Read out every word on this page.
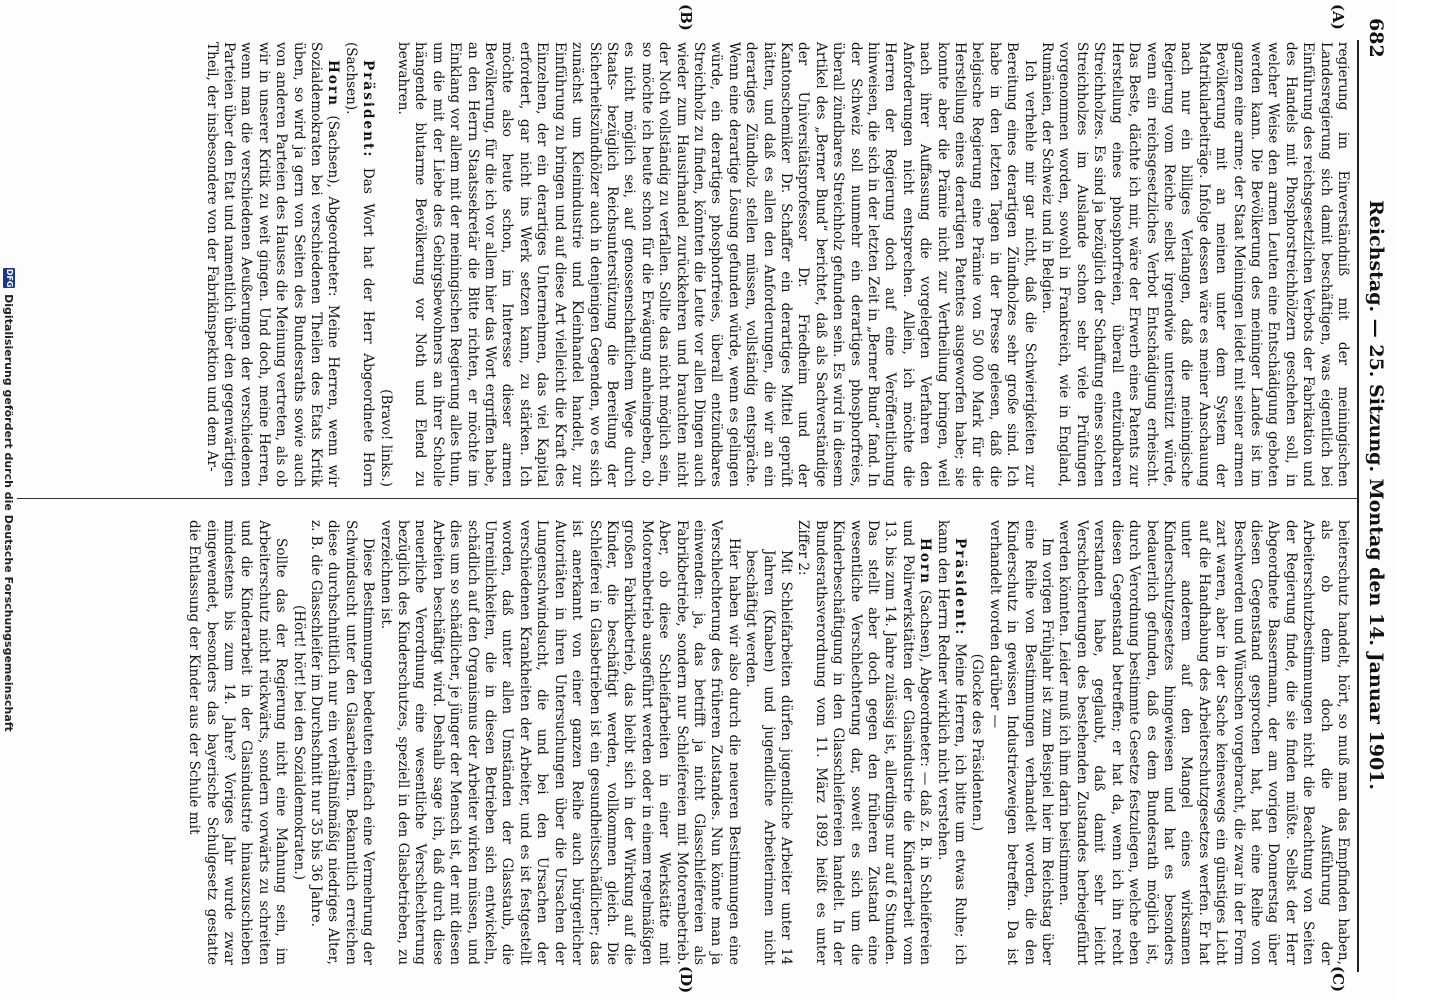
682
Reichstag. — 25. Sitzung. Montag den 14. Januar 1901.
(A)
(B)
(C)
(D)

regierung im Einverständniß mit der meiningischen Landesregierung sich damit beschäftigen, was eigentlich bei Einführung des reichsgesetzlichen Verbots der Fabrikation und des Handels mit Phosphorstreichhölzern geschehen soll, in welcher Weise den armen Leuten eine Entschädigung geboten werden kann. Die Bevölkerung des meininger Landes ist im ganzen eine arme; der Staat Meiningen leidet mit seiner armen Bevölkerung mit an meinen unter dem System der Matrikularbeiträge. Infolge dessen wäre es meiner Anschauung nach nur ein billiges Verlangen, daß die meiningische Regierung vom Reiche selbst irgendwie unterstützt würde, wenn ein reichsgesetzliches Verbot Entschädigung erheischt. Das Beste, dächte ich mir, wäre der Erwerb eines Patents zur Herstellung eines phosphorfreien, überall entzündbaren Streichholzes. Es sind ja bezüglich der Schaffung eines solchen Streichholzes im Auslande schon sehr viele Prüfungen vorgenommen worden, sowohl in Frankreich, wie in England, Rumänien, der Schweiz und in Belgien.

Ich verhehle mir gar nicht, daß die Schwierigkeiten zur Bereitung eines derartigen Zündholzes sehr große sind. Ich habe in den letzten Tagen in der Presse gelesen, daß die belgische Regierung eine Prämie von 50 000 Mark für die Herstellung eines derartigen Patentes ausgeworfen habe; sie konnte aber die Prämie nicht zur Vertheilung bringen, weil nach ihrer Auffassung die vorgelegten Verfahren den Anforderungen nicht entsprechen. Allein, ich möchte die Herren der Regierung doch auf eine Veröffentlichung hinweisen, die sich in der letzten Zeit in „Berner Bund“ fand. In der Schweiz soll nunmehr ein derartiges phosphorfreies, überall zündbares Streichholz gefunden sein. Es wird in diesem Artikel des „Berner Bund“ berichtet, daß als Sachverständige der Universitätsprofessor Dr. Friedheim und der Kantonschemiker Dr. Schaffer ein derartiges Mittel geprüft hätten, und daß es allen den Anforderungen, die wir an ein derartiges Zündholz stellen müssen, vollständig entspräche. Wenn eine derartige Lösung gefunden würde, wenn es gelingen würde, ein derartiges phosphorfreies, überall entzündbares Streichholz zu finden, könnten die Leute vor allen Dingen auch wieder zum Hausirhandel zurückkehren und brauchten nicht der Noth vollständig zu verfallen. Sollte das nicht möglich sein, so möchte ich heute schon für die Erwägung anheimgeben, ob es nicht möglich sei, auf genossenschaftlichem Wege durch Staats- bezüglich Reichsunterstützung die Bereitung der Sicherheitszündhölzer auch in denjenigen Gegenden, wo es sich zunächst um Kleinindustrie und Kleinhandel handelt, zur Einführung zu bringen und auf diese Art vielleicht die Kraft des Einzelnen, der ein derartiges Unternehmen, das viel Kapital erfordert, gar nicht ins Werk setzen kann, zu stärken. Ich möchte also heute schon, im Interesse dieser armen Bevölkerung, für die ich vor allem hier das Wort ergriffen habe, an den Herrn Staatssekretär die Bitte richten, er möchte im Einklang vor allem mit der meiningischen Regierung alles thun, um die mit der Liebe des Gebirgsbewohners an ihrer Scholle hängende blutarme Bevölkerung vor Noth und Elend zu bewahren.

(Bravo! links.)

Präsident: Das Wort hat der Herr Abgeordnete Horn (Sachsen).

Horn (Sachsen), Abgeordneter: Meine Herren, wenn wir Sozialdemokraten bei verschiedenen Theilen des Etats Kritik üben, so wird ja gern von Seiten des Bundesraths sowie auch von anderen Parteien des Hauses die Meinung vertreten, als ob wir in unserer Kritik zu weit gingen. Und doch, meine Herren, wenn man die verschiedenen Aeußerungen der verschiedenen Parteien über den Etat und namentlich über den gegenwärtigen Theil, der insbesondere von der Fabrikinspektion und dem Ar-

beiterschutz handelt, hört, so muß man das Empfinden haben, als ob denn doch die Ausführung der Arbeiterschutzbestimmungen nicht die Beachtung von Seiten der Regierung finde, die sie finden müßte. Selbst der Herr Abgeordnete Bassermann, der am vorigen Donnerstag über diesen Gegenstand gesprochen hat, hat eine Reihe von Beschwerden und Wünschen vorgebracht, die zwar in der Form zart waren, aber in der Sache keineswegs ein günstiges Licht auf die Handhabung des Arbeiterschutzgesetzes werfen. Er hat unter anderem auf den Mangel eines wirksamen Kinderschutzgesetzes hingewiesen und hat es besonders bedauerlich gefunden, daß es dem Bundesrath möglich ist, durch Verordnung bestimmte Gesetze festzulegen, welche eben diesen Gegenstand betreffen; er hat da, wenn ich ihn recht verstanden habe, geglaubt, daß damit sehr leicht Verschlechterungen des bestehenden Zustandes herbeigeführt werden könnten. Leider muß ich ihm darin beistimmen.

Im vorigen Frühjahr ist zum Beispiel hier im Reichstag über eine Reihe von Bestimmungen verhandelt worden, die den Kinderschutz in gewissen Industriezweigen betreffen. Da ist verhandelt worden darüber —

(Glocke des Präsidenten.)

Präsident: Meine Herren, ich bitte um etwas Ruhe; ich kann den Herrn Redner wirklich nicht verstehen.

Horn (Sachsen), Abgeordneter: — daß z. B. in Schleifereien und Polirwerkstätten der Glasindustrie die Kinderarbeit vom 13. bis zum 14. Jahre zulässig ist, allerdings nur auf 6 Stunden. Das stellt aber doch gegen den früheren Zustand eine wesentliche Verschlechterung dar, soweit es sich um die Kinderbeschäftigung in den Glasschleifereien handelt. In der Bundesrathsverordnung vom 11. März 1892 heißt es unter Ziffer 2:

Mit Schleifarbeiten dürfen jugendliche Arbeiter unter 14 Jahren (Knaben) und jugendliche Arbeiterinnen nicht beschäftigt werden.

Hier haben wir also durch die neueren Bestimmungen eine Verschlechterung des früheren Zustandes. Nun könnte man ja einwenden: ja, das betrifft ja nicht Glasschleifereien als Fabrikbetriebe, sondern nur Schleifereien mit Motorenbetrieb. Aber, ob diese Schleifarbeiten in einer Werkstätte mit Motorenbetrieb ausgeführt werden oder in einem regelmäßigen großen Fabrikbetrieb, das bleibt sich in der Wirkung auf die Kinder, die beschäftigt werden, vollkommen gleich. Die Schleiferei in Glasbetrieben ist ein gesundheitsschädlicher; das ist anerkannt von einer ganzen Reihe auch bürgerlicher Autoritäten in ihren Untersuchungen über die Ursachen der Lungenschwindsucht, die und bei den Ursachen der verschiedenen Krankheiten der Arbeiter, und es ist festgestellt worden, daß unter allen Umständen der Glasstaub, die Unreinlichkeiten, die in diesen Betrieben sich entwickeln, schädlich auf den Organismus der Arbeiter wirken müssen, und dies um so schädlicher, je jünger der Mensch ist, der mit diesen Arbeiten beschäftigt wird. Deshalb sage ich, daß durch diese neuerliche Verordnung eine wesentliche Verschlechterung bezüglich des Kinderschutzes, speziell in den Glasbetrieben, zu verzeichnen ist.

Diese Bestimmungen bedeuten einfach eine Vermehrung der Schwindsucht unter den Glasarbeitern. Bekanntlich erreichen diese durchschnittlich nur ein verhältnißmäßig niedriges Alter, z. B. die Glasschleifer im Durchschnitt nur 35 bis 36 Jahre.

(Hört! hört! bei den Sozialdemokraten.)

Sollte das der Regierung nicht eine Mahnung sein, im Arbeiterschutz nicht rückwärts, sondern vorwärts zu schreiten und die Kinderarbeit in der Glasindustrie hinauszuschieben mindestens bis zum 14. Jahre? Voriges Jahr wurde zwar eingewendet, besonders das bayerische Schulgesetz gestatte die Entlassung der Kinder aus der Schule mit

DFG
Digitalisierung gefördert durch die Deutsche Forschungsgemeinschaft
